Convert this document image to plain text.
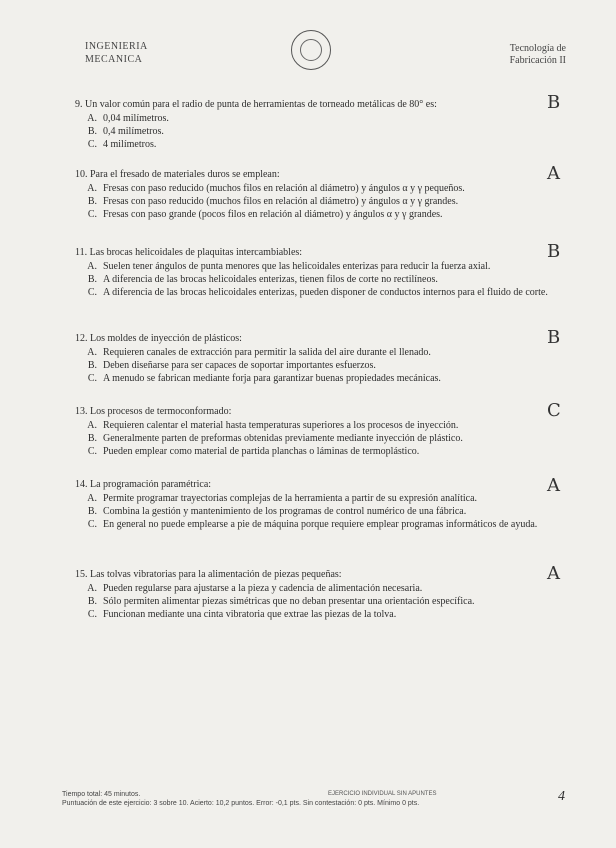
INGENIERIA
MECANICA
Tecnología de
Fabricación II
9. Un valor común para el radio de punta de herramientas de torneado metálicas de 80° es:
A. 0,04 milímetros.
B. 0,4 milímetros.
C. 4 milímetros.
B
10. Para el fresado de materiales duros se emplean:
A. Fresas con paso reducido (muchos filos en relación al diámetro) y ángulos α y γ pequeños.
B. Fresas con paso reducido (muchos filos en relación al diámetro) y ángulos α y γ grandes.
C. Fresas con paso grande (pocos filos en relación al diámetro) y ángulos α y γ grandes.
A
11. Las brocas helicoidales de plaquitas intercambiables:
A. Suelen tener ángulos de punta menores que las helicoidales enterizas para reducir la fuerza axial.
B. A diferencia de las brocas helicoidales enterizas, tienen filos de corte no rectilíneos.
C. A diferencia de las brocas helicoidales enterizas, pueden disponer de conductos internos para el fluido de corte.
B
12. Los moldes de inyección de plásticos:
A. Requieren canales de extracción para permitir la salida del aire durante el llenado.
B. Deben diseñarse para ser capaces de soportar importantes esfuerzos.
C. A menudo se fabrican mediante forja para garantizar buenas propiedades mecánicas.
B
13. Los procesos de termoconformado:
A. Requieren calentar el material hasta temperaturas superiores a los procesos de inyección.
B. Generalmente parten de preformas obtenidas previamente mediante inyección de plástico.
C. Pueden emplear como material de partida planchas o láminas de termoplástico.
C
14. La programación paramétrica:
A. Permite programar trayectorias complejas de la herramienta a partir de su expresión analítica.
B. Combina la gestión y mantenimiento de los programas de control numérico de una fábrica.
C. En general no puede emplearse a pie de máquina porque requiere emplear programas informáticos de ayuda.
A
15. Las tolvas vibratorias para la alimentación de piezas pequeñas:
A. Pueden regularse para ajustarse a la pieza y cadencia de alimentación necesaria.
B. Sólo permiten alimentar piezas simétricas que no deban presentar una orientación específica.
C. Funcionan mediante una cinta vibratoria que extrae las piezas de la tolva.
A
Tiempo total: 45 minutos.
Puntuación de este ejercicio: 3 sobre 10. Acierto: 10,2 puntos. Error: -0,1 pts. Sin contestación: 0 pts. Mínimo 0 pts.
EJERCICIO INDIVIDUAL SIN APUNTES	4
